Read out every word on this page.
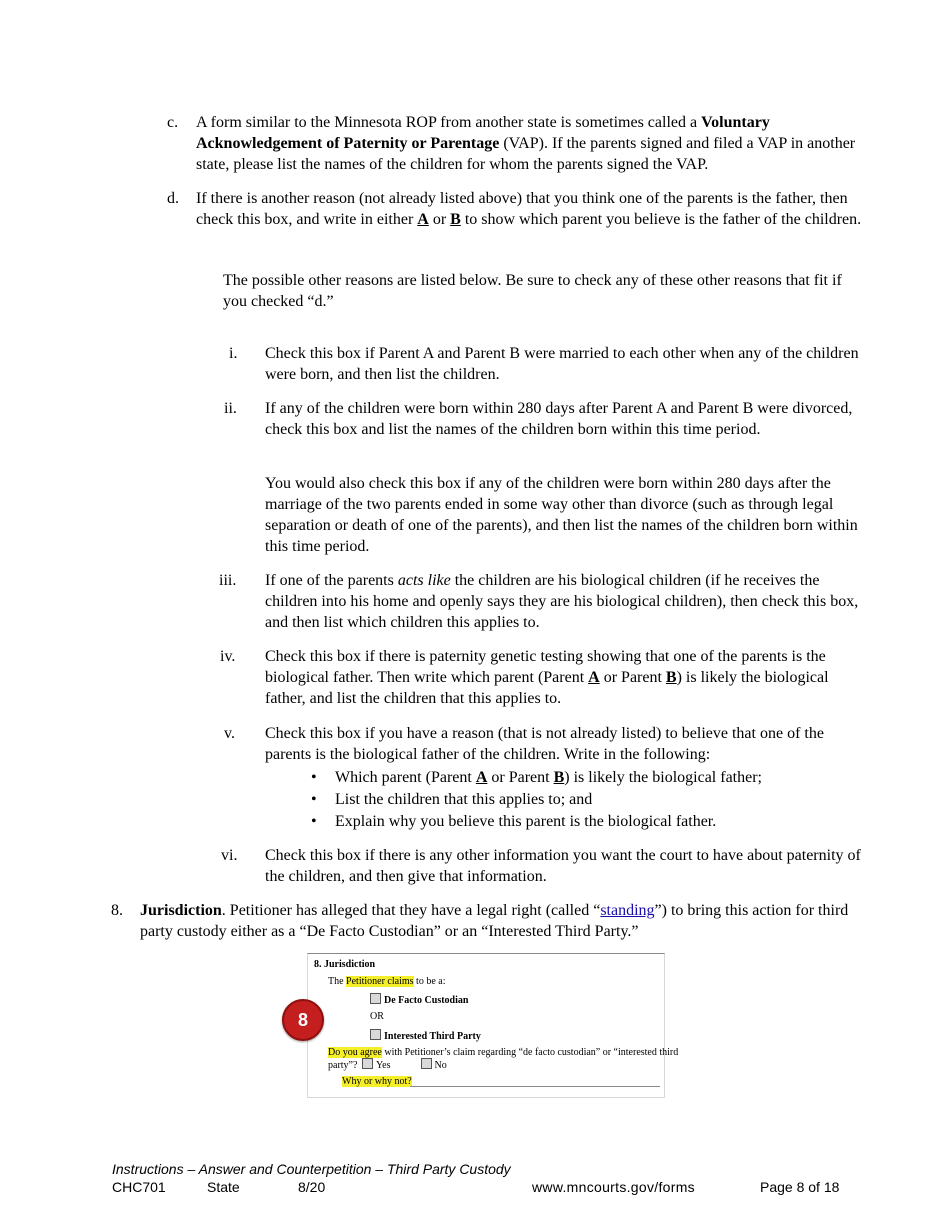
c. A form similar to the Minnesota ROP from another state is sometimes called a Voluntary Acknowledgement of Paternity or Parentage (VAP). If the parents signed and filed a VAP in another state, please list the names of the children for whom the parents signed the VAP.
d. If there is another reason (not already listed above) that you think one of the parents is the father, then check this box, and write in either A or B to show which parent you believe is the father of the children.
The possible other reasons are listed below. Be sure to check any of these other reasons that fit if you checked “d.”
i. Check this box if Parent A and Parent B were married to each other when any of the children were born, and then list the children.
ii. If any of the children were born within 280 days after Parent A and Parent B were divorced, check this box and list the names of the children born within this time period.
You would also check this box if any of the children were born within 280 days after the marriage of the two parents ended in some way other than divorce (such as through legal separation or death of one of the parents), and then list the names of the children born within this time period.
iii. If one of the parents acts like the children are his biological children (if he receives the children into his home and openly says they are his biological children), then check this box, and then list which children this applies to.
iv. Check this box if there is paternity genetic testing showing that one of the parents is the biological father. Then write which parent (Parent A or Parent B) is likely the biological father, and list the children that this applies to.
v. Check this box if you have a reason (that is not already listed) to believe that one of the parents is the biological father of the children. Write in the following:
• Which parent (Parent A or Parent B) is likely the biological father;
• List the children that this applies to; and
• Explain why you believe this parent is the biological father.
vi. Check this box if there is any other information you want the court to have about paternity of the children, and then give that information.
8. Jurisdiction. Petitioner has alleged that they have a legal right (called “standing”) to bring this action for third party custody either as a “De Facto Custodian” or an “Interested Third Party.”
8. Jurisdiction
The Petitioner claims to be a:
De Facto Custodian
OR
Interested Third Party
Do you agree with Petitioner’s claim regarding “de facto custodian” or “interested third
party”? Yes	No
Why or why not?
8
Instructions – Answer and Counterpetition – Third Party Custody
CHC701	State	8/20	www.mncourts.gov/forms	Page 8 of 18
